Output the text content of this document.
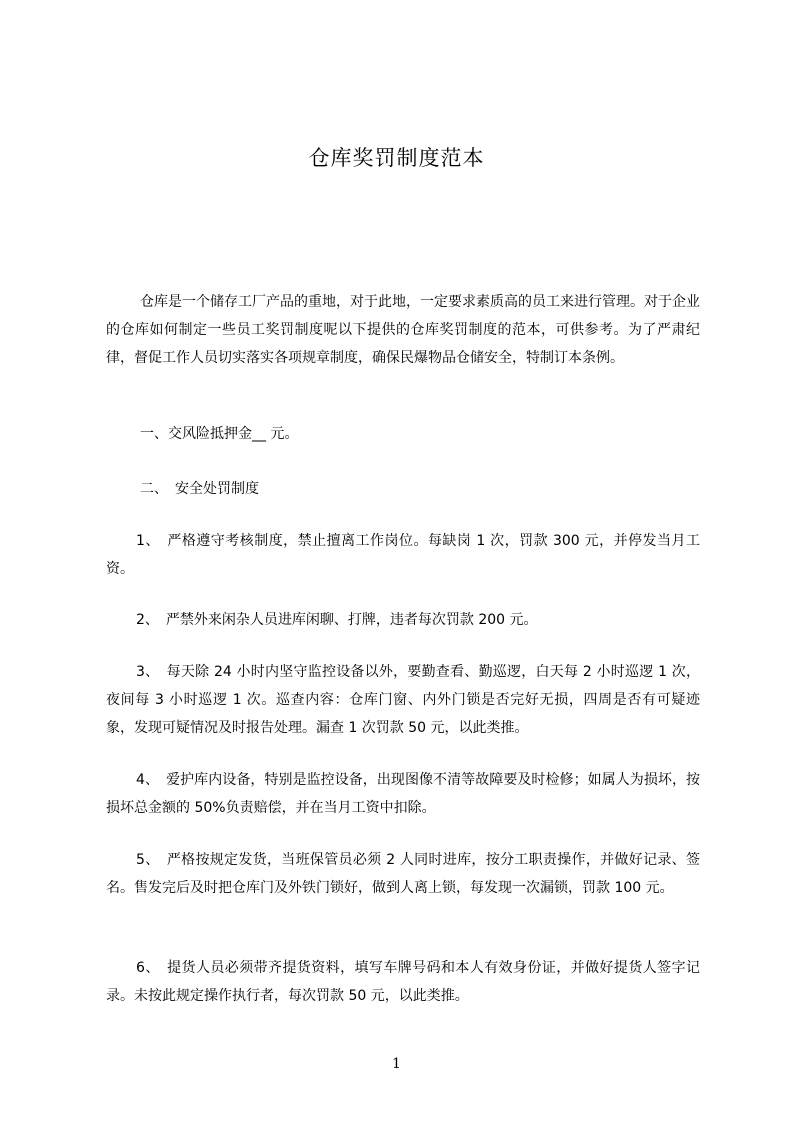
仓库奖罚制度范本

仓库是一个储存工厂产品的重地，对于此地，一定要求素质高的员工来进行管理。对于企业的仓库如何制定一些员工奖罚制度呢以下提供的仓库奖罚制度的范本，可供参考。为了严肃纪律，督促工作人员切实落实各项规章制度，确保民爆物品仓储安全，特制订本条例。

一、交风险抵押金__ 元。

二、　安全处罚制度

1、　严格遵守考核制度，禁止擅离工作岗位。每缺岗 1 次，罚款 300 元，并停发当月工资。

2、　严禁外来闲杂人员进库闲聊、打牌，违者每次罚款 200 元。

3、　每天除 24 小时内坚守监控设备以外，要勤查看、勤巡逻，白天每 2 小时巡逻 1 次，夜间每 3 小时巡逻 1 次。巡查内容：仓库门窗、内外门锁是否完好无损，四周是否有可疑迹象，发现可疑情况及时报告处理。漏查 1 次罚款 50 元，以此类推。

4、　爱护库内设备，特别是监控设备，出现图像不清等故障要及时检修；如属人为损坏，按损坏总金额的 50%负责赔偿，并在当月工资中扣除。

5、　严格按规定发货，当班保管员必须 2 人同时进库，按分工职责操作，并做好记录、签名。售发完后及时把仓库门及外铁门锁好，做到人离上锁，每发现一次漏锁，罚款 100 元。

6、　提货人员必须带齐提货资料，填写车牌号码和本人有效身份证，并做好提货人签字记录。未按此规定操作执行者，每次罚款 50 元，以此类推。

1
